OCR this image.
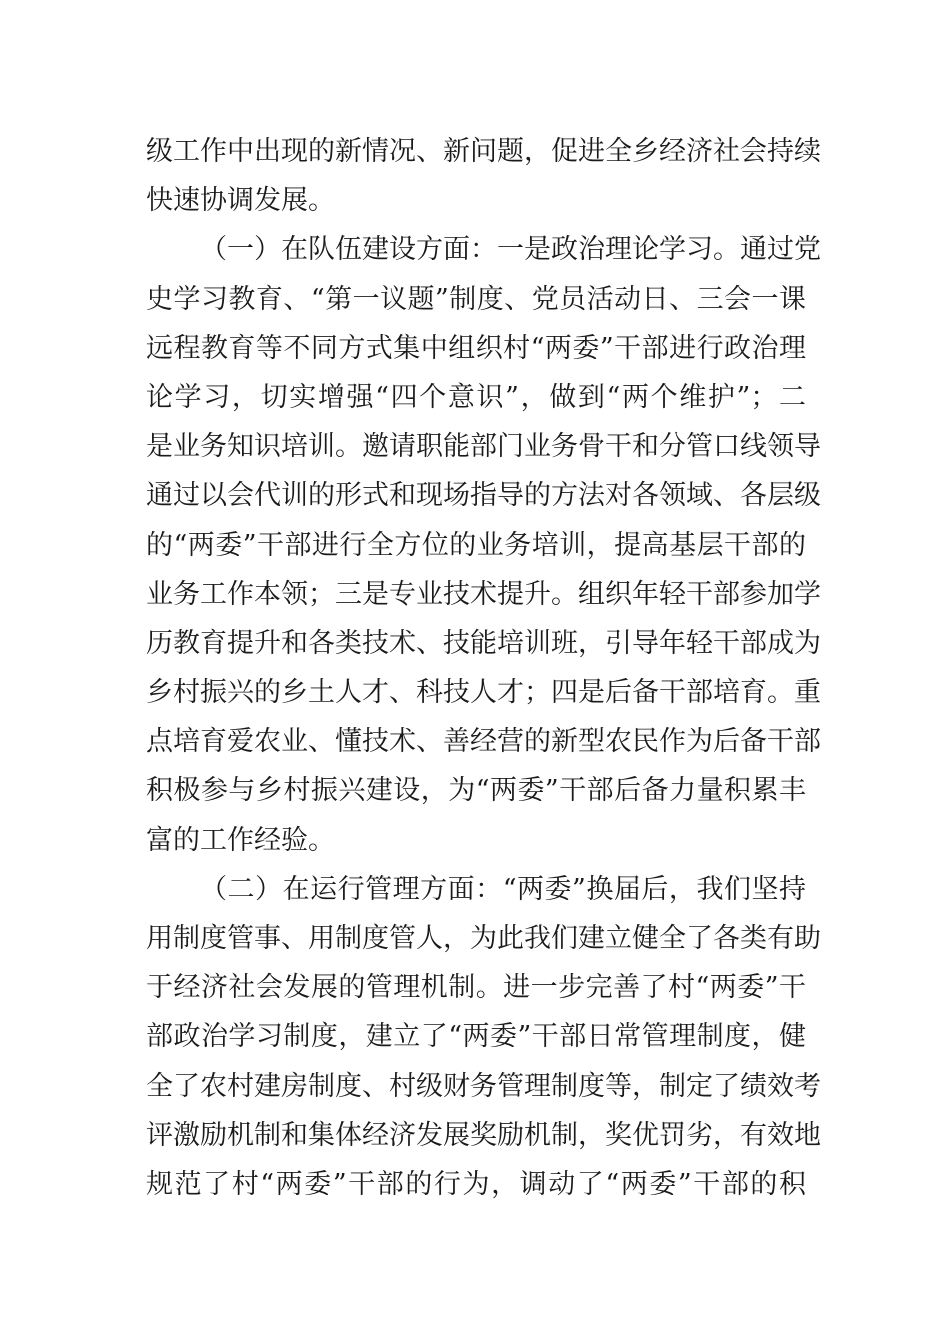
级工作中出现的新情况、新问题，促进全乡经济社会持续
快速协调发展。
（一）在队伍建设方面：一是政治理论学习。通过党
史学习教育、“第一议题”制度、党员活动日、三会一课
远程教育等不同方式集中组织村“两委”干部进行政治理
论学习，切实增强“四个意识”，做到“两个维护”；二
是业务知识培训。邀请职能部门业务骨干和分管口线领导
通过以会代训的形式和现场指导的方法对各领域、各层级
的“两委”干部进行全方位的业务培训，提高基层干部的
业务工作本领；三是专业技术提升。组织年轻干部参加学
历教育提升和各类技术、技能培训班，引导年轻干部成为
乡村振兴的乡土人才、科技人才；四是后备干部培育。重
点培育爱农业、懂技术、善经营的新型农民作为后备干部
积极参与乡村振兴建设，为“两委”干部后备力量积累丰
富的工作经验。
（二）在运行管理方面：“两委”换届后，我们坚持
用制度管事、用制度管人，为此我们建立健全了各类有助
于经济社会发展的管理机制。进一步完善了村“两委”干
部政治学习制度，建立了“两委”干部日常管理制度，健
全了农村建房制度、村级财务管理制度等，制定了绩效考
评激励机制和集体经济发展奖励机制，奖优罚劣，有效地
规范了村“两委”干部的行为，调动了“两委”干部的积
